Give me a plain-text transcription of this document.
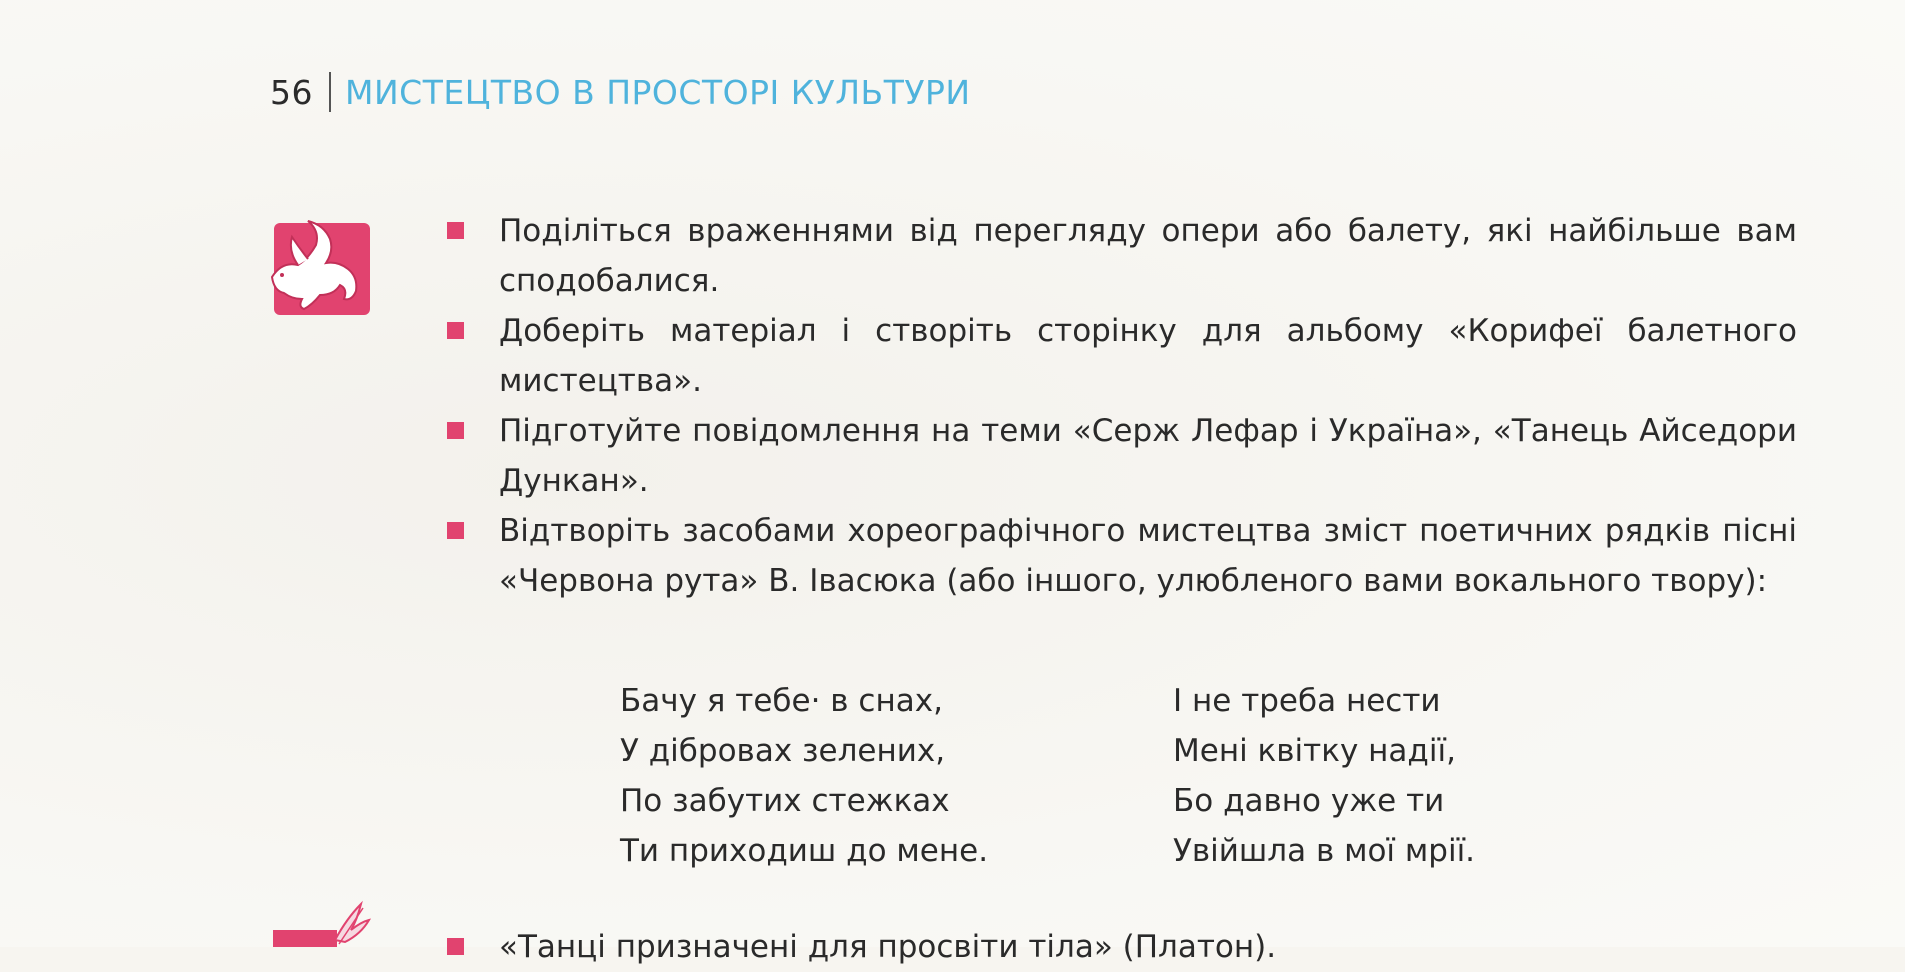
56 МИСТЕЦТВО В ПРОСТОРІ КУЛЬТУРИ
Поділіться враженнями від перегляду опери або балету, які найбільше вам сподобалися.
Доберіть матеріал і створіть сторінку для альбому «Корифеї балетного мистецтва».
Підготуйте повідомлення на теми «Серж Лефар і Україна», «Танець Айседори Дункан».
Відтворіть засобами хореографічного мистецтва зміст поетичних рядків пісні «Червона рута» В. Івасюка (або іншого, улюбленого вами вокального твору):
Бачу я тебе· в снах,
У дібровах зелених,
По забутих стежках
Ти приходиш до мене.
І не треба нести
Мені квітку надії,
Бо давно уже ти
Увійшла в мої мрії.
«Танці призначені для просвіти тіла» (Платон).
